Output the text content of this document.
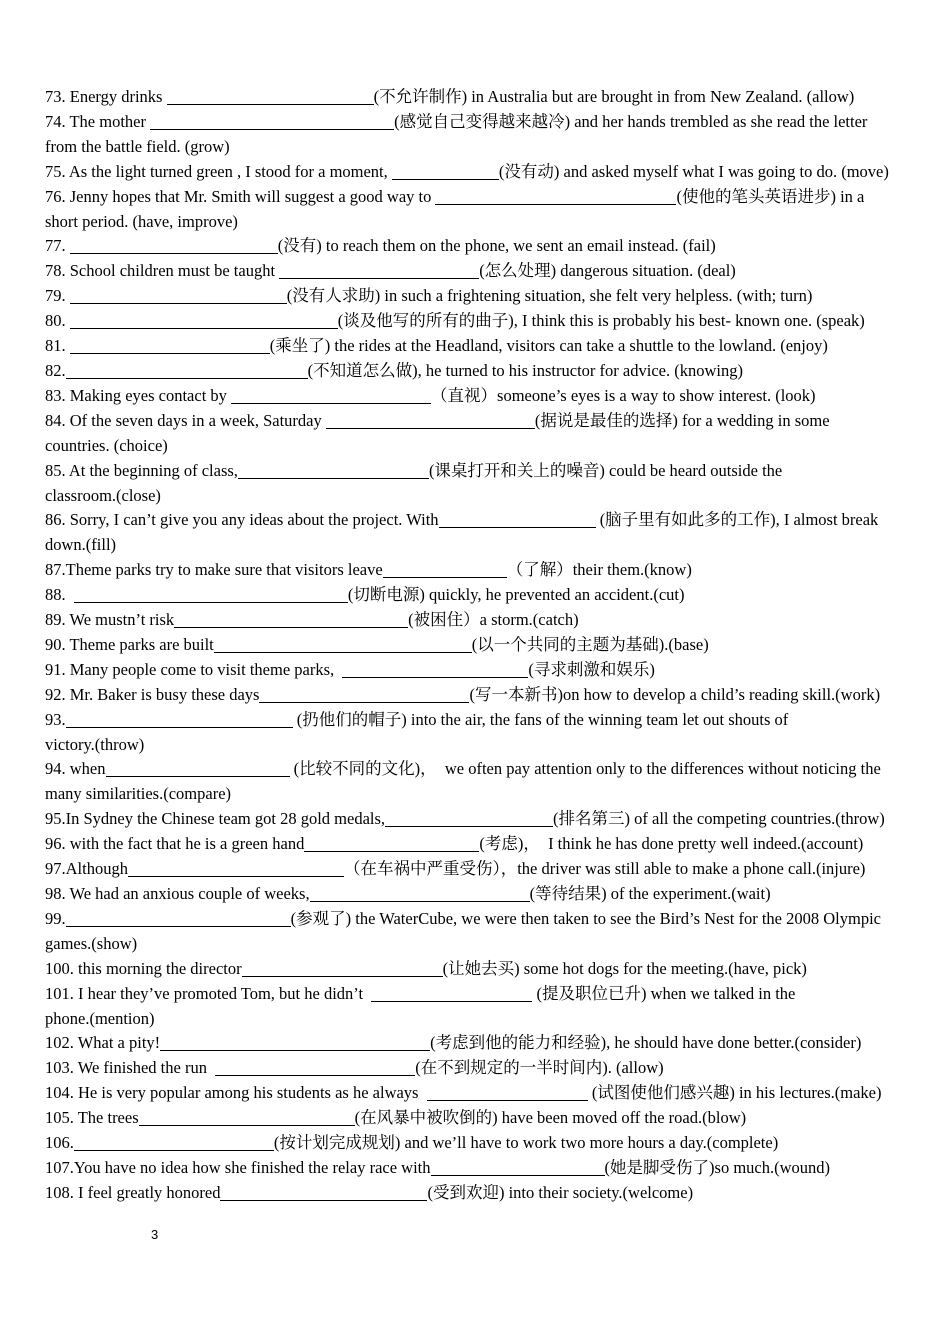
73. Energy drinks	(不允许制作) in Australia but are brought in from New Zealand. (allow)
74. The mother	(感觉自己变得越来越冷) and her hands trembled as she read the letter
from the battle field. (grow)
75. As the light turned green , I stood for a moment,	(没有动) and asked myself what I was going to do. (move)
76. Jenny hopes that Mr. Smith will suggest a good way to	(使他的笔头英语进步) in a
short period. (have, improve)
77.	(没有) to reach them on the phone, we sent an email instead. (fail)
78. School children must be taught	(怎么处理) dangerous situation. (deal)
79.	(没有人求助) in such a frightening situation, she felt very helpless. (with; turn)
80.	(谈及他写的所有的曲子), I think this is probably his best- known one. (speak)
81.	(乘坐了) the rides at the Headland, visitors can take a shuttle to the lowland. (enjoy)
82.	(不知道怎么做), he turned to his instructor for advice. (knowing)
83. Making eyes contact by	（直视）someone’s eyes is a way to show interest. (look)
84. Of the seven days in a week, Saturday	(据说是最佳的选择) for a wedding in some
countries. (choice)
85. At the beginning of class,	(课桌打开和关上的噪音) could be heard outside the
classroom.(close)
86. Sorry, I can’t give you any ideas about the project. With	(脑子里有如此多的工作), I almost break
down.(fill)
87.Theme parks try to make sure that visitors leave	（了解）their them.(know)
88.	(切断电源) quickly, he prevented an accident.(cut)
89. We mustn’t risk	(被困住）a storm.(catch)
90. Theme parks are built	(以一个共同的主题为基础).(base)
91. Many people come to visit theme parks,	(寻求刺激和娱乐)
92. Mr. Baker is busy these days	(写一本新书)on how to develop a child’s reading skill.(work)
93.	(扔他们的帽子) into the air, the fans of the winning team let out shouts of
victory.(throw)
94. when	(比较不同的文化)，  we often pay attention only to the differences without noticing the
many similarities.(compare)
95.In Sydney the Chinese team got 28 gold medals,	(排名第三) of all the competing countries.(throw)
96. with the fact that he is a green hand	(考虑)，  I think he has done pretty well indeed.(account)
97.Although	（在车祸中严重受伤），the driver was still able to make a phone call.(injure)
98. We had an anxious couple of weeks,	(等待结果) of the experiment.(wait)
99.	(参观了) the WaterCube, we were then taken to see the Bird’s Nest for the 2008 Olympic
games.(show)
100. this morning the director	(让她去买) some hot dogs for the meeting.(have, pick)
101. I hear they’ve promoted Tom, but he didn’t	(提及职位已升) when we talked in the
phone.(mention)
102. What a pity!	(考虑到他的能力和经验), he should have done better.(consider)
103. We finished the run	(在不到规定的一半时间内). (allow)
104. He is very popular among his students as he always	(试图使他们感兴趣) in his lectures.(make)
105. The trees	(在风暴中被吹倒的) have been moved off the road.(blow)
106.	(按计划完成规划) and we’ll have to work two more hours a day.(complete)
107.You have no idea how she finished the relay race with	(她是脚受伤了)so much.(wound)
108. I feel greatly honored	(受到欢迎) into their society.(welcome)
3
